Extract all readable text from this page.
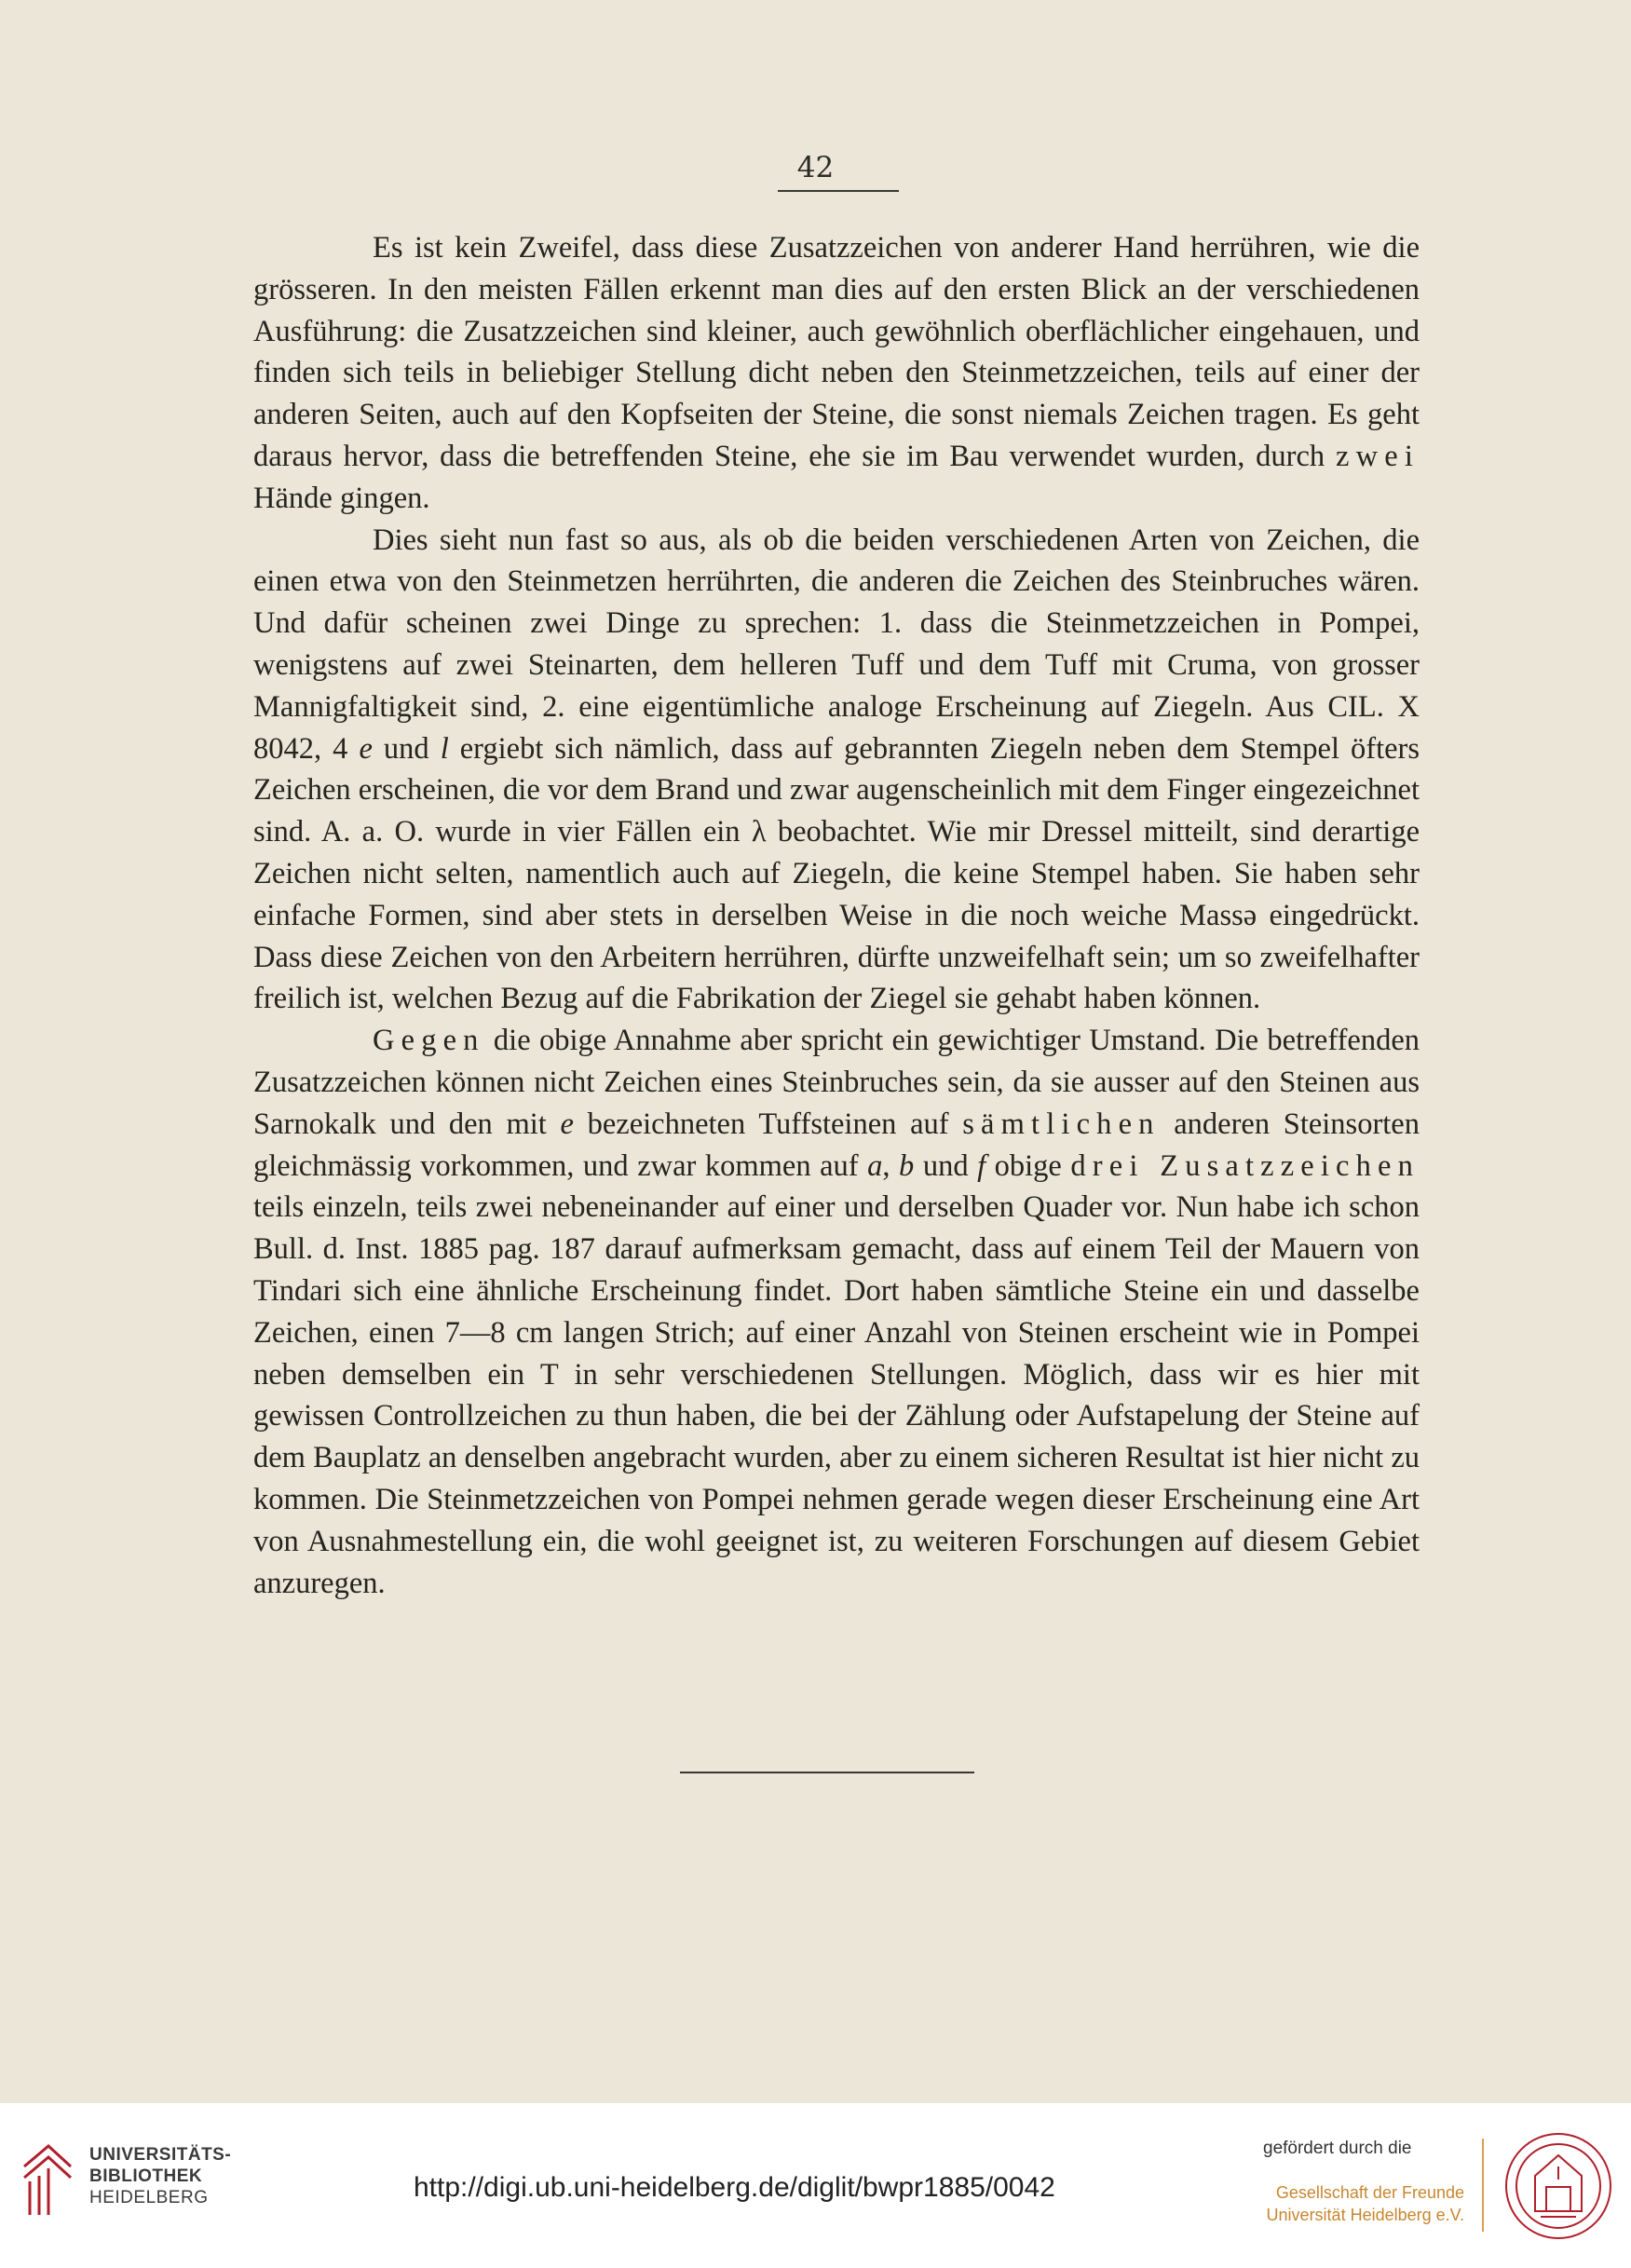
42

Es ist kein Zweifel, dass diese Zusatzzeichen von anderer Hand herrühren, wie die grösseren. In den meisten Fällen erkennt man dies auf den ersten Blick an der verschiedenen Ausführung: die Zusatzzeichen sind kleiner, auch gewöhnlich oberflächlicher eingehauen, und finden sich teils in beliebiger Stellung dicht neben den Steinmetzzeichen, teils auf einer der anderen Seiten, auch auf den Kopfseiten der Steine, die sonst niemals Zeichen tragen. Es geht daraus hervor, dass die betreffenden Steine, ehe sie im Bau verwendet wurden, durch zwei Hände gingen.

Dies sieht nun fast so aus, als ob die beiden verschiedenen Arten von Zeichen, die einen etwa von den Steinmetzen herrührten, die anderen die Zeichen des Steinbruches wären. Und dafür scheinen zwei Dinge zu sprechen: 1. dass die Steinmetzzeichen in Pompei, wenigstens auf zwei Steinarten, dem helleren Tuff und dem Tuff mit Cruma, von grosser Mannigfaltigkeit sind, 2. eine eigentümliche analoge Erscheinung auf Ziegeln. Aus CIL. X 8042, 4 e und l ergiebt sich nämlich, dass auf gebrannten Ziegeln neben dem Stempel öfters Zeichen erscheinen, die vor dem Brand und zwar augenscheinlich mit dem Finger eingezeichnet sind. A. a. O. wurde in vier Fällen ein λ beobachtet. Wie mir Dressel mitteilt, sind derartige Zeichen nicht selten, namentlich auch auf Ziegeln, die keine Stempel haben. Sie haben sehr einfache Formen, sind aber stets in derselben Weise in die noch weiche Massə eingedrückt. Dass diese Zeichen von den Arbeitern herrühren, dürfte unzweifelhaft sein; um so zweifelhafter freilich ist, welchen Bezug auf die Fabrikation der Ziegel sie gehabt haben können.

Gegen die obige Annahme aber spricht ein gewichtiger Umstand. Die betreffenden Zusatzzeichen können nicht Zeichen eines Steinbruches sein, da sie ausser auf den Steinen aus Sarnokalk und den mit e bezeichneten Tuffsteinen auf sämtlichen anderen Steinsorten gleichmässig vorkommen, und zwar kommen auf a, b und f obige drei Zusatzzeichen teils einzeln, teils zwei nebeneinander auf einer und derselben Quader vor. Nun habe ich schon Bull. d. Inst. 1885 pag. 187 darauf aufmerksam gemacht, dass auf einem Teil der Mauern von Tindari sich eine ähnliche Erscheinung findet. Dort haben sämtliche Steine ein und dasselbe Zeichen, einen 7—8 cm langen Strich; auf einer Anzahl von Steinen erscheint wie in Pompei neben demselben ein T in sehr verschiedenen Stellungen. Möglich, dass wir es hier mit gewissen Controllzeichen zu thun haben, die bei der Zählung oder Aufstapelung der Steine auf dem Bauplatz an denselben angebracht wurden, aber zu einem sicheren Resultat ist hier nicht zu kommen. Die Steinmetzzeichen von Pompei nehmen gerade wegen dieser Erscheinung eine Art von Ausnahmestellung ein, die wohl geeignet ist, zu weiteren Forschungen auf diesem Gebiet anzuregen.

UNIVERSITÄTS-
BIBLIOTHEK
HEIDELBERG	http://digi.ub.uni-heidelberg.de/diglit/bwpr1885/0042
gefördert durch die
Gesellschaft der Freunde
Universität Heidelberg e.V.
